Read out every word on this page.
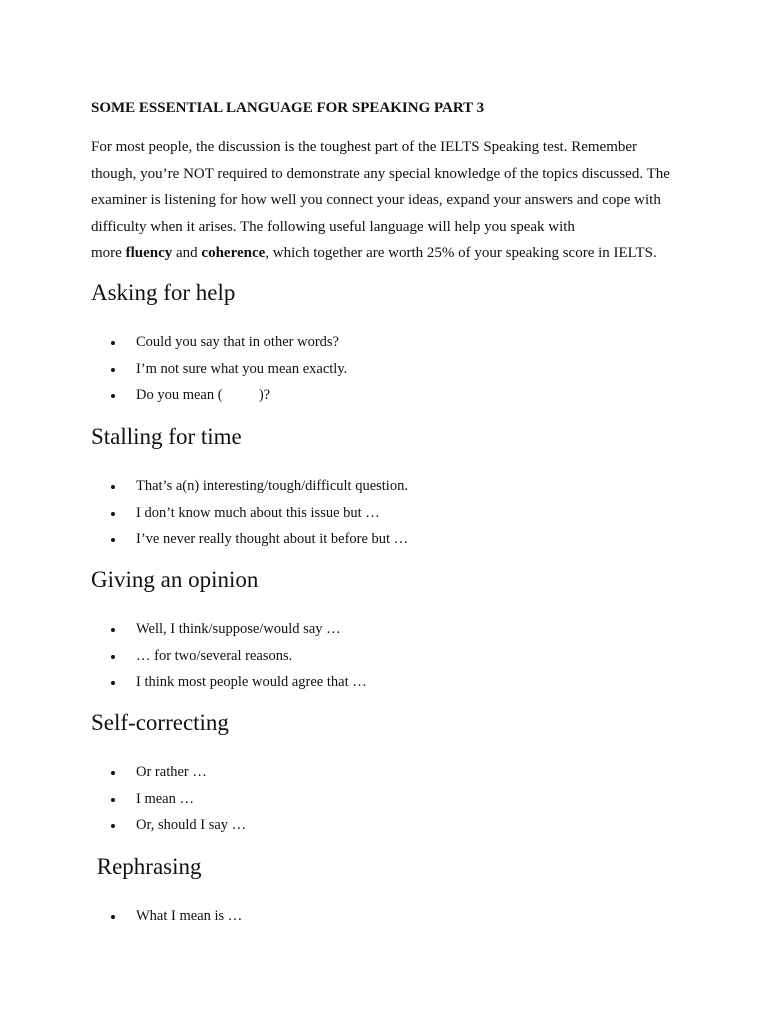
SOME ESSENTIAL LANGUAGE FOR SPEAKING PART 3

For most people, the discussion is the toughest part of the IELTS Speaking test. Remember
though, you’re NOT required to demonstrate any special knowledge of the topics discussed. The
examiner is listening for how well you connect your ideas, expand your answers and cope with
difficulty when it arises. The following useful language will help you speak with
more fluency and coherence, which together are worth 25% of your speaking score in IELTS.

Asking for help
Could you say that in other words?
I’m not sure what you mean exactly.
Do you mean (          )?
Stalling for time
That’s a(n) interesting/tough/difficult question.
I don’t know much about this issue but …
I’ve never really thought about it before but …
Giving an opinion
Well, I think/suppose/would say …
… for two/several reasons.
I think most people would agree that …
Self-correcting
Or rather …
I mean …
Or, should I say …
Rephrasing
What I mean is …
